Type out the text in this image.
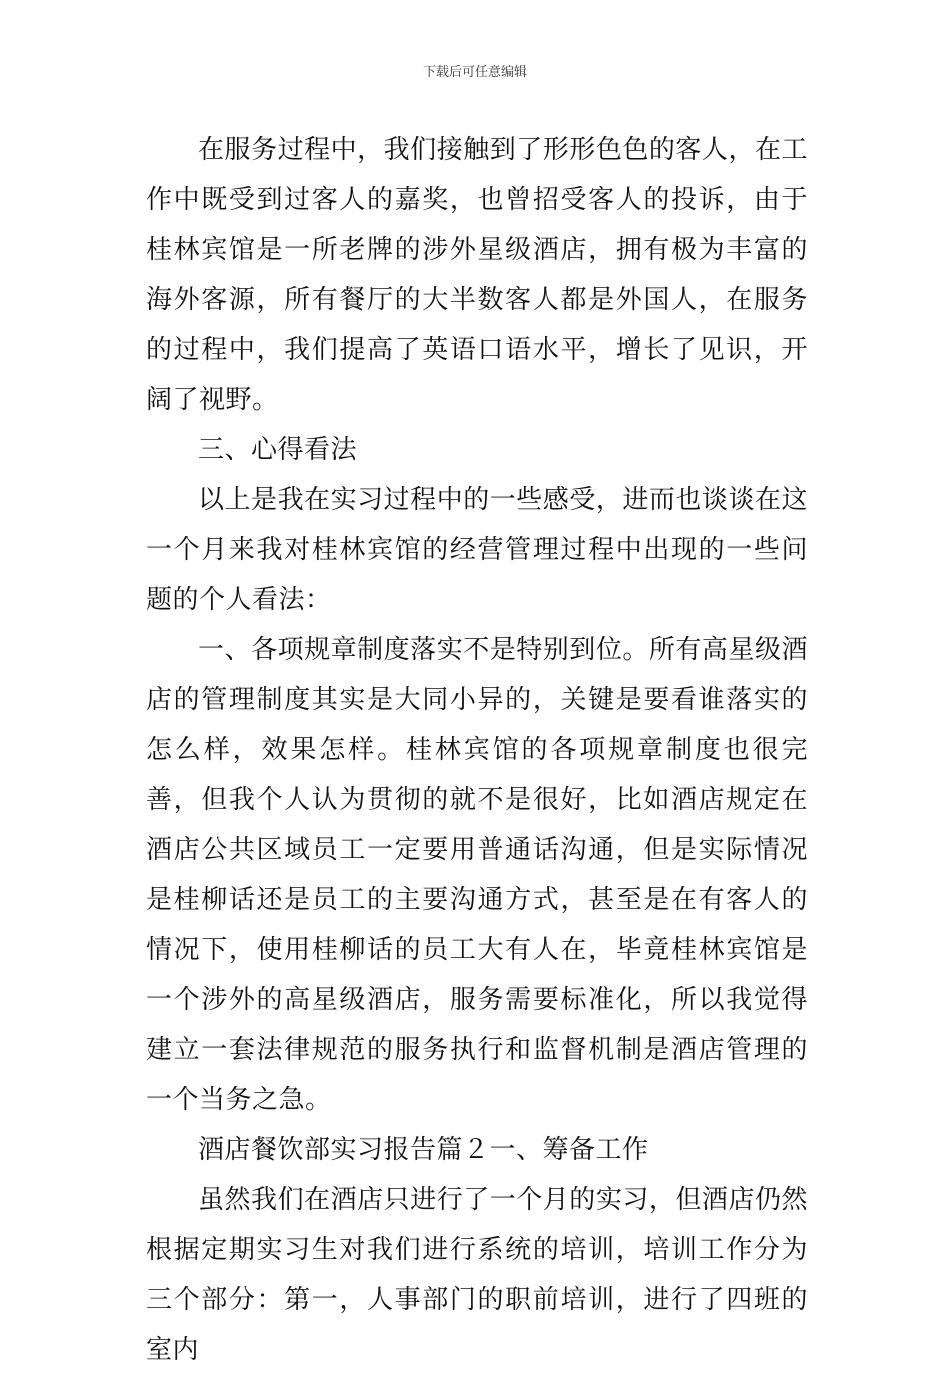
下载后可任意编辑

在服务过程中，我们接触到了形形色色的客人，在工作中既受到过客人的嘉奖，也曾招受客人的投诉，由于桂林宾馆是一所老牌的涉外星级酒店，拥有极为丰富的海外客源，所有餐厅的大半数客人都是外国人，在服务的过程中，我们提高了英语口语水平，增长了见识，开阔了视野。

三、心得看法

以上是我在实习过程中的一些感受，进而也谈谈在这一个月来我对桂林宾馆的经营管理过程中出现的一些问题的个人看法：

一、各项规章制度落实不是特别到位。所有高星级酒店的管理制度其实是大同小异的，关键是要看谁落实的怎么样，效果怎样。桂林宾馆的各项规章制度也很完善，但我个人认为贯彻的就不是很好，比如酒店规定在酒店公共区域员工一定要用普通话沟通，但是实际情况是桂柳话还是员工的主要沟通方式，甚至是在有客人的情况下，使用桂柳话的员工大有人在，毕竟桂林宾馆是一个涉外的高星级酒店，服务需要标准化，所以我觉得建立一套法律规范的服务执行和监督机制是酒店管理的一个当务之急。

酒店餐饮部实习报告篇２一、筹备工作

虽然我们在酒店只进行了一个月的实习，但酒店仍然根据定期实习生对我们进行系统的培训，培训工作分为三个部分：第一，人事部门的职前培训，进行了四班的室内
